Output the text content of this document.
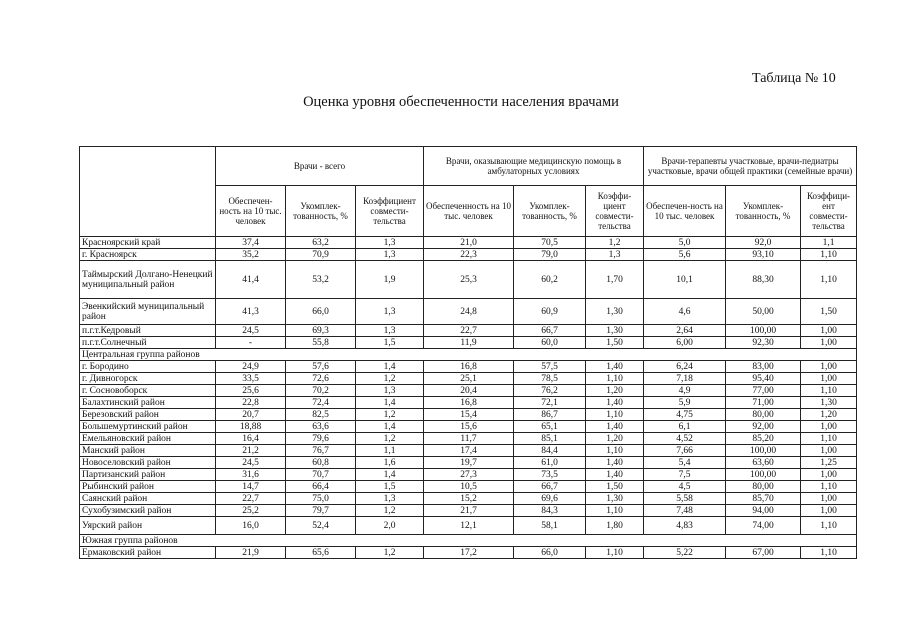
Таблица № 10
Оценка уровня обеспеченности населения врачами
	Врачи - всего			Врачи, оказывающие медицинскую помощь в амбулаторных условиях			Врачи-терапевты участковые, врачи-педиатры участковые, врачи общей практики (семейные врачи)		
	Обеспечен-ность на 10 тыс. человек	Укомплек-тованность, %	Коэффициент совмести-тельства	Обеспеченность на 10 тыс. человек	Укомплек-тованность, %	Коэффи-циент совмести-тельства	Обеспечен-ность на 10 тыс. человек	Укомплек-тованность, %	Коэффици-ент совмести-тельства
Красноярский край	37,4	63,2	1,3	21,0	70,5	1,2	5,0	92,0	1,1
г. Красноярск	35,2	70,9	1,3	22,3	79,0	1,3	5,6	93,10	1,10
Таймырский Долгано-Ненецкий муниципальный район	41,4	53,2	1,9	25,3	60,2	1,70	10,1	88,30	1,10
Эвенкийский муниципальный район	41,3	66,0	1,3	24,8	60,9	1,30	4,6	50,00	1,50
п.г.т.Кедровый	24,5	69,3	1,3	22,7	66,7	1,30	2,64	100,00	1,00
п.г.т.Солнечный	-	55,8	1,5	11,9	60,0	1,50	6,00	92,30	1,00
Центральная группа районов									
г. Бородино	24,9	57,6	1,4	16,8	57,5	1,40	6,24	83,00	1,00
г. Дивногорск	33,5	72,6	1,2	25,1	78,5	1,10	7,18	95,40	1,00
г. Сосновоборск	25,6	70,2	1,3	20,4	76,2	1,20	4,9	77,00	1,10
Балахтинский район	22,8	72,4	1,4	16,8	72,1	1,40	5,9	71,00	1,30
Березовский район	20,7	82,5	1,2	15,4	86,7	1,10	4,75	80,00	1,20
Большемуртинский район	18,88	63,6	1,4	15,6	65,1	1,40	6,1	92,00	1,00
Емельяновский район	16,4	79,6	1,2	11,7	85,1	1,20	4,52	85,20	1,10
Манский район	21,2	76,7	1,1	17,4	84,4	1,10	7,66	100,00	1,00
Новоселовский район	24,5	60,8	1,6	19,7	61,0	1,40	5,4	63,60	1,25
Партизанский район	31,6	70,7	1,4	27,3	73,5	1,40	7,5	100,00	1,00
Рыбинский район	14,7	66,4	1,5	10,5	66,7	1,50	4,5	80,00	1,10
Саянский район	22,7	75,0	1,3	15,2	69,6	1,30	5,58	85,70	1,00
Сухобузимский район	25,2	79,7	1,2	21,7	84,3	1,10	7,48	94,00	1,00
Уярский район	16,0	52,4	2,0	12,1	58,1	1,80	4,83	74,00	1,10
Южная группа районов									
Ермаковский район	21,9	65,6	1,2	17,2	66,0	1,10	5,22	67,00	1,10
